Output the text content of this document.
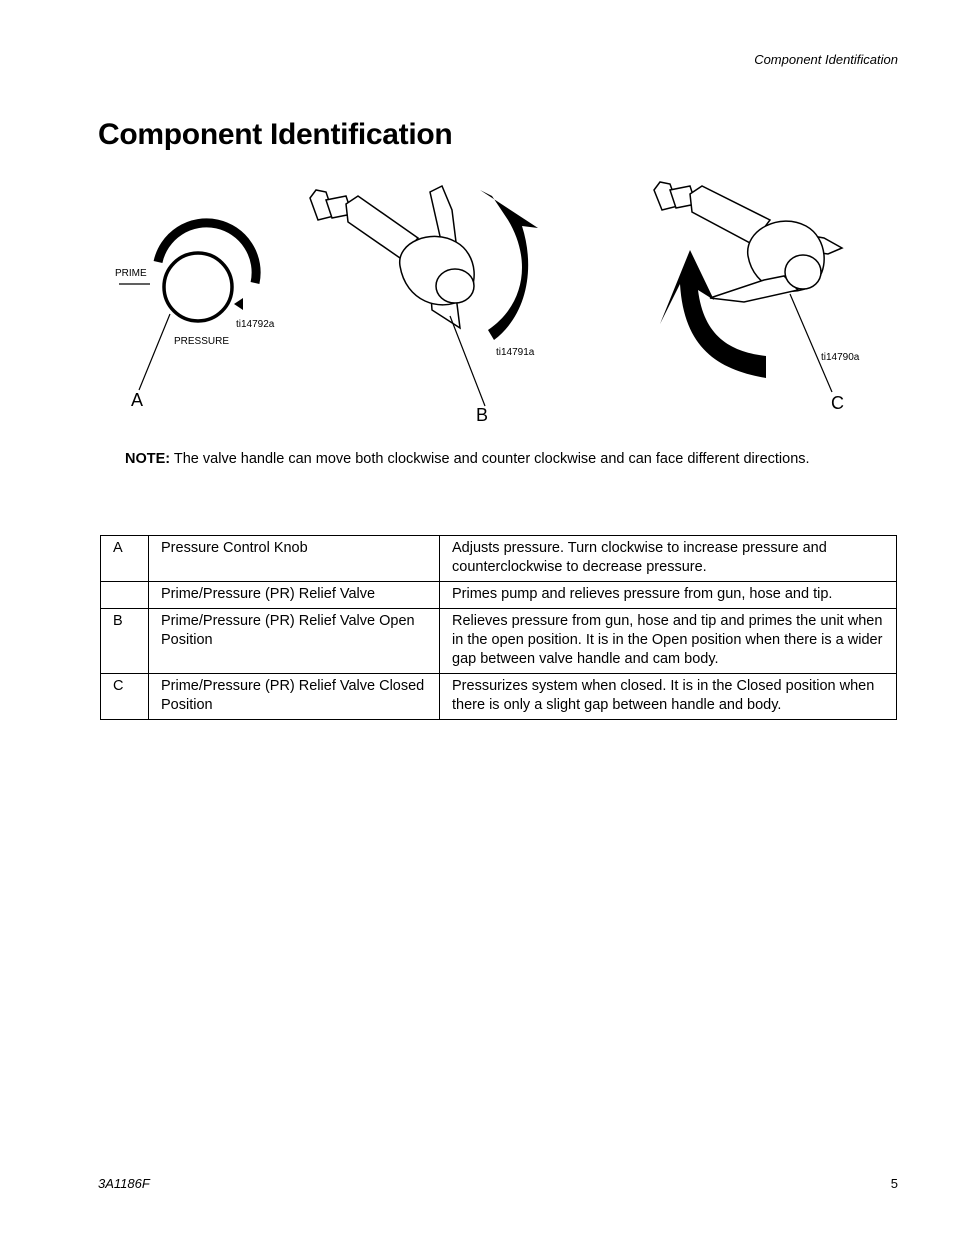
Component Identification
Component Identification
PRIME
PRESSURE
ti14792a
A
ti14791a
B
ti14790a
C
NOTE: The valve handle can move both clockwise and counter clockwise and can face different directions.
A	Pressure Control Knob	Adjusts pressure. Turn clockwise to increase pressure and counterclockwise to decrease pressure.
	Prime/Pressure (PR) Relief Valve	Primes pump and relieves pressure from gun, hose and tip.
B	Prime/Pressure (PR) Relief Valve Open Position	Relieves pressure from gun, hose and tip and primes the unit when in the open position. It is in the Open position when there is a wider gap between valve handle and cam body.
C	Prime/Pressure (PR) Relief Valve Closed Position	Pressurizes system when closed. It is in the Closed position when there is only a slight gap between handle and body.
3A1186F	5
